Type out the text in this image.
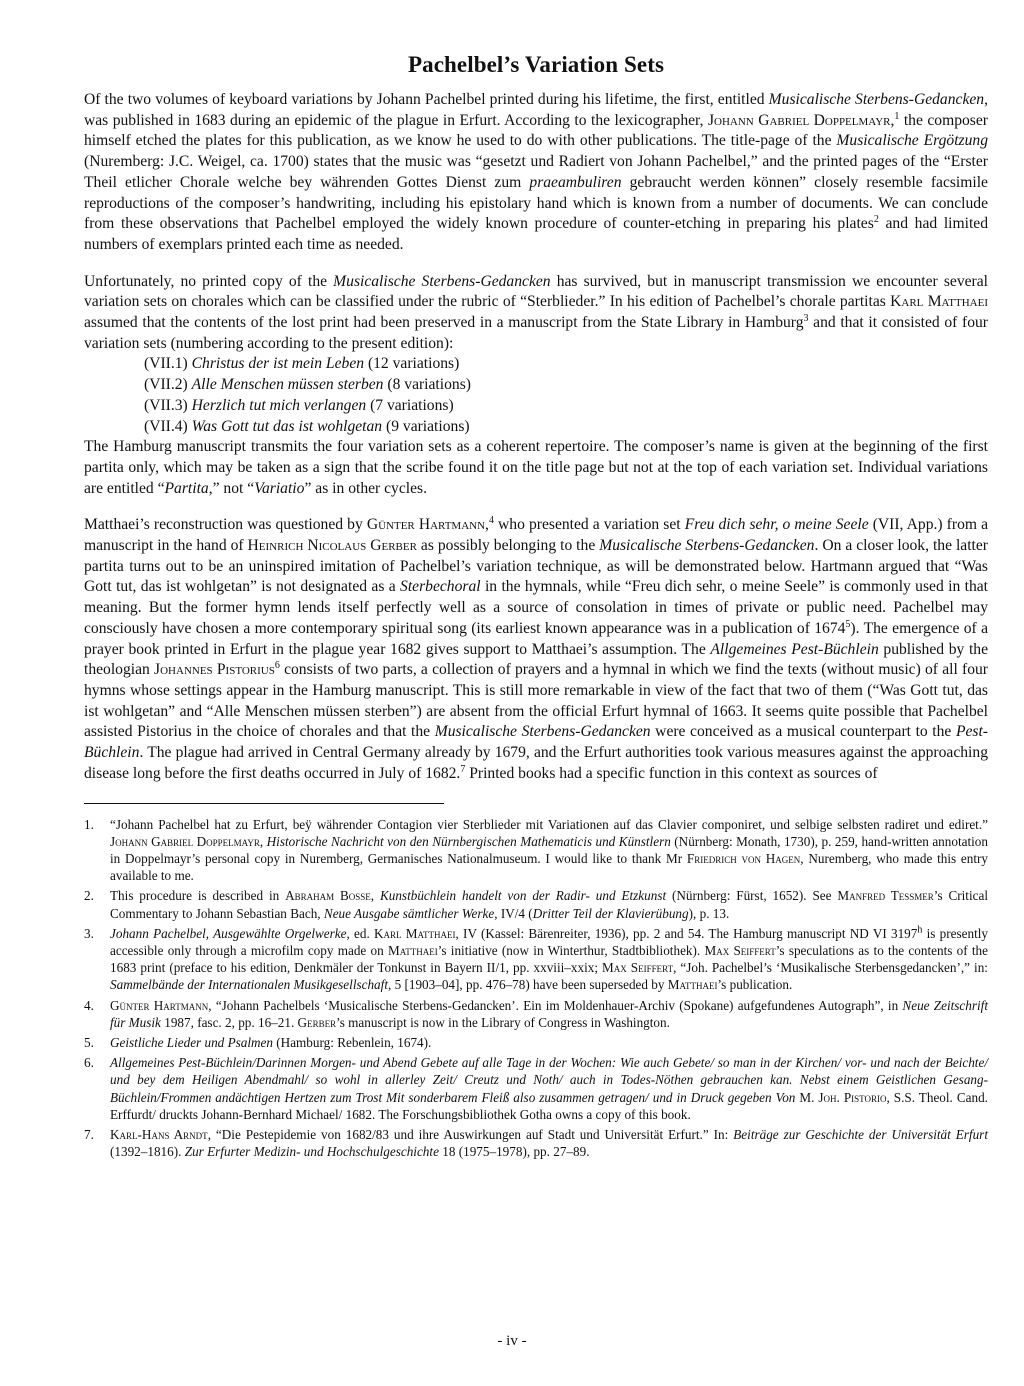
Pachelbel’s Variation Sets

Of the two volumes of keyboard variations by Johann Pachelbel printed during his lifetime, the first, entitled Musicalische Sterbens-Gedancken, was published in 1683 during an epidemic of the plague in Erfurt. According to the lexicographer, Johann Gabriel Doppelmayr,$^1$ the composer himself etched the plates for this publication, as we know he used to do with other publications. The title-page of the Musicalische Ergötzung (Nuremberg: J.C. Weigel, ca. 1700) states that the music was “gesetzt und Radiert von Johann Pachelbel,” and the printed pages of the “Erster Theil etlicher Chorale welche bey währenden Gottes Dienst zum praeambuliren gebraucht werden können” closely resemble facsimile reproductions of the composer’s handwriting, including his epistolary hand which is known from a number of documents. We can conclude from these observations that Pachelbel employed the widely known procedure of counter-etching in preparing his plates$^2$ and had limited numbers of exemplars printed each time as needed.

Unfortunately, no printed copy of the Musicalische Sterbens-Gedancken has survived, but in manuscript transmission we encounter several variation sets on chorales which can be classified under the rubric of “Sterblieder.” In his edition of Pachelbel’s chorale partitas Karl Matthaei assumed that the contents of the lost print had been preserved in a manuscript from the State Library in Hamburg$^3$ and that it consisted of four variation sets (numbering according to the present edition):

(VII.1) Christus der ist mein Leben (12 variations)
(VII.2) Alle Menschen müssen sterben (8 variations)
(VII.3) Herzlich tut mich verlangen (7 variations)
(VII.4) Was Gott tut das ist wohlgetan (9 variations)

The Hamburg manuscript transmits the four variation sets as a coherent repertoire. The composer’s name is given at the beginning of the first partita only, which may be taken as a sign that the scribe found it on the title page but not at the top of each variation set. Individual variations are entitled “Partita,” not “Variatio” as in other cycles.

Matthaei’s reconstruction was questioned by Günter Hartmann,$^4$ who presented a variation set Freu dich sehr, o meine Seele (VII, App.) from a manuscript in the hand of Heinrich Nicolaus Gerber as possibly belonging to the Musicalische Sterbens-Gedancken. On a closer look, the latter partita turns out to be an uninspired imitation of Pachelbel’s variation technique, as will be demonstrated below. Hartmann argued that “Was Gott tut, das ist wohlgetan” is not designated as a Sterbechoral in the hymnals, while “Freu dich sehr, o meine Seele” is commonly used in that meaning. But the former hymn lends itself perfectly well as a source of consolation in times of private or public need. Pachelbel may consciously have chosen a more contemporary spiritual song (its earliest known appearance was in a publication of 1674$^5$). The emergence of a prayer book printed in Erfurt in the plague year 1682 gives support to Matthaei’s assumption. The Allgemeines Pest-Büchlein published by the theologian Johannes Pistorius$^6$ consists of two parts, a collection of prayers and a hymnal in which we find the texts (without music) of all four hymns whose settings appear in the Hamburg manuscript. This is still more remarkable in view of the fact that two of them (“Was Gott tut, das ist wohlgetan” and “Alle Menschen müssen sterben”) are absent from the official Erfurt hymnal of 1663. It seems quite possible that Pachelbel assisted Pistorius in the choice of chorales and that the Musicalische Sterbens-Gedancken were conceived as a musical counterpart to the Pest-Büchlein. The plague had arrived in Central Germany already by 1679, and the Erfurt authorities took various measures against the approaching disease long before the first deaths occurred in July of 1682.$^7$ Printed books had a specific function in this context as sources of

1.	“Johann Pachelbel hat zu Erfurt, beÿ währender Contagion vier Sterblieder mit Variationen auf das Clavier componiret, und selbige selbsten radiret und ediret.” Johann Gabriel Doppelmayr, Historische Nachricht von den Nürnbergischen Mathematicis und Künstlern (Nürnberg: Monath, 1730), p. 259, hand-written annotation in Doppelmayr’s personal copy in Nuremberg, Germanisches Nationalmuseum. I would like to thank Mr Friedrich von Hagen, Nuremberg, who made this entry available to me.
2.	This procedure is described in Abraham Bosse, Kunstbüchlein handelt von der Radir- und Etzkunst (Nürnberg: Fürst, 1652). See Manfred Tessmer’s Critical Commentary to Johann Sebastian Bach, Neue Ausgabe sämtlicher Werke, IV/4 (Dritter Teil der Klavierübung), p. 13.
3.	Johann Pachelbel, Ausgewählte Orgelwerke, ed. Karl Matthaei, IV (Kassel: Bärenreiter, 1936), pp. 2 and 54. The Hamburg manuscript ND VI 3197$^h$ is presently accessible only through a microfilm copy made on Matthaei’s initiative (now in Winterthur, Stadtbibliothek). Max Seiffert’s speculations as to the contents of the 1683 print (preface to his edition, Denkmäler der Tonkunst in Bayern II/1, pp. xxviii–xxix; Max Seiffert, “Joh. Pachelbel’s ‘Musikalische Sterbensgedancken’,” in: Sammelbände der Internationalen Musikgesellschaft, 5 [1903–04], pp. 476–78) have been superseded by Matthaei’s publication.
4.	Günter Hartmann, “Johann Pachelbels ‘Musicalische Sterbens-Gedancken’. Ein im Moldenhauer-Archiv (Spokane) aufgefundenes Autograph”, in Neue Zeitschrift für Musik 1987, fasc. 2, pp. 16–21. Gerber’s manuscript is now in the Library of Congress in Washington.
5.	Geistliche Lieder und Psalmen (Hamburg: Rebenlein, 1674).
6.	Allgemeines Pest-Büchlein/Darinnen Morgen- und Abend Gebete auf alle Tage in der Wochen: Wie auch Gebete/ so man in der Kirchen/ vor- und nach der Beichte/ und bey dem Heiligen Abendmahl/ so wohl in allerley Zeit/ Creutz und Noth/ auch in Todes-Nöthen gebrauchen kan. Nebst einem Geistlichen Gesang-Büchlein/Frommen andächtigen Hertzen zum Trost Mit sonderbarem Fleiß also zusammen getragen/ und in Druck gegeben Von M. Joh. Pistorio, S.S. Theol. Cand. Erffurdt/ druckts Johann-Bernhard Michael/ 1682. The Forschungsbibliothek Gotha owns a copy of this book.
7.	Karl-Hans Arndt, “Die Pestepidemie von 1682/83 und ihre Auswirkungen auf Stadt und Universität Erfurt.” In: Beiträge zur Geschichte der Universität Erfurt (1392–1816). Zur Erfurter Medizin- und Hochschulgeschichte 18 (1975–1978), pp. 27–89.
- iv -
